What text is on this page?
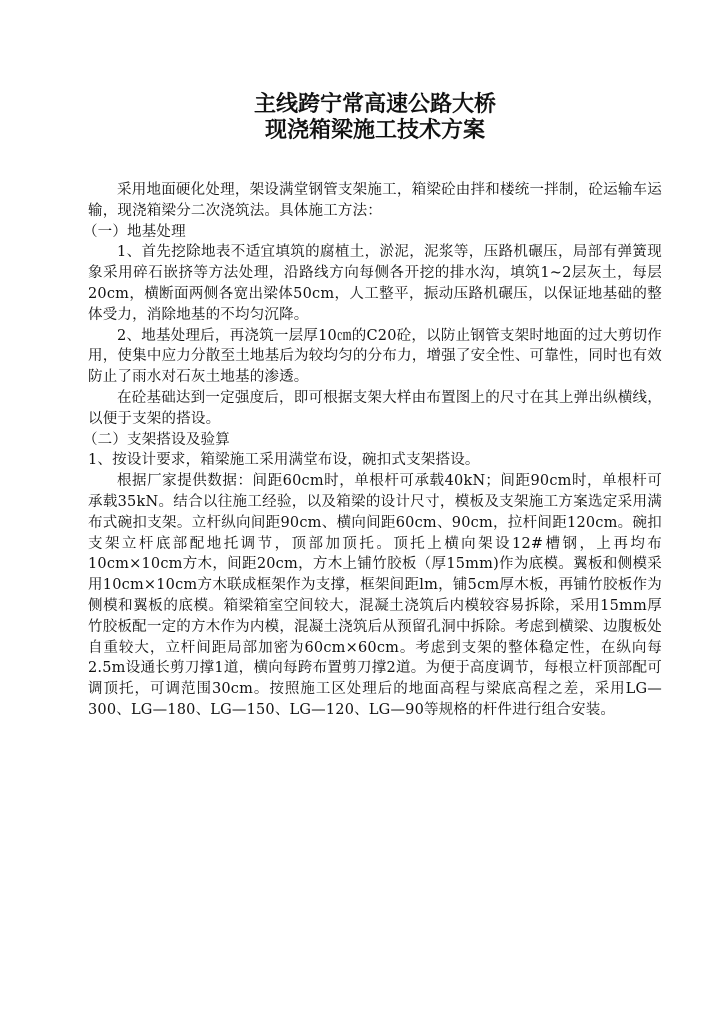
主线跨宁常高速公路大桥
现浇箱梁施工技术方案

采用地面硬化处理，架设满堂钢管支架施工，箱梁砼由拌和楼统一拌制，砼运输车运输，现浇箱梁分二次浇筑法。具体施工方法：

（一）地基处理

1、首先挖除地表不适宜填筑的腐植土，淤泥，泥浆等，压路机碾压，局部有弹簧现象采用碎石嵌挤等方法处理，沿路线方向每侧各开挖的排水沟，填筑1~2层灰土，每层20cm，横断面两侧各宽出梁体50cm，人工整平，振动压路机碾压，以保证地基础的整体受力，消除地基的不均匀沉降。

2、地基处理后，再浇筑一层厚10㎝的C20砼，以防止钢管支架时地面的过大剪切作用，使集中应力分散至土地基后为较均匀的分布力，增强了安全性、可靠性，同时也有效防止了雨水对石灰土地基的渗透。

在砼基础达到一定强度后，即可根据支架大样由布置图上的尺寸在其上弹出纵横线，以便于支架的搭设。

（二）支架搭设及验算

1、按设计要求，箱梁施工采用满堂布设，碗扣式支架搭设。

根据厂家提供数据：间距60cm时，单根杆可承载40kN；间距90cm时，单根杆可承载35kN。结合以往施工经验，以及箱梁的设计尺寸，模板及支架施工方案选定采用满布式碗扣支架。立杆纵向间距90cm、横向间距60cm、90cm，拉杆间距120cm。碗扣支架立杆底部配地托调节，顶部加顶托。顶托上横向架设12#槽钢，上再均布10cm×10cm方木，间距20cm，方木上铺竹胶板（厚15mm)作为底模。翼板和侧模采用10cm×10cm方木联成框架作为支撑，框架间距lm，铺5cm厚木板，再铺竹胶板作为侧模和翼板的底模。箱梁箱室空间较大，混凝土浇筑后内模较容易拆除，采用15mm厚竹胶板配一定的方木作为内模，混凝土浇筑后从预留孔洞中拆除。考虑到横梁、边腹板处自重较大，立杆间距局部加密为60cm×60cm。考虑到支架的整体稳定性，在纵向每2.5m设通长剪刀撑1道，横向每跨布置剪刀撑2道。为便于高度调节，每根立杆顶部配可调顶托，可调范围30cm。按照施工区处理后的地面高程与梁底高程之差，采用LG—300、LG—180、LG—150、LG—120、LG—90等规格的杆件进行组合安装。
